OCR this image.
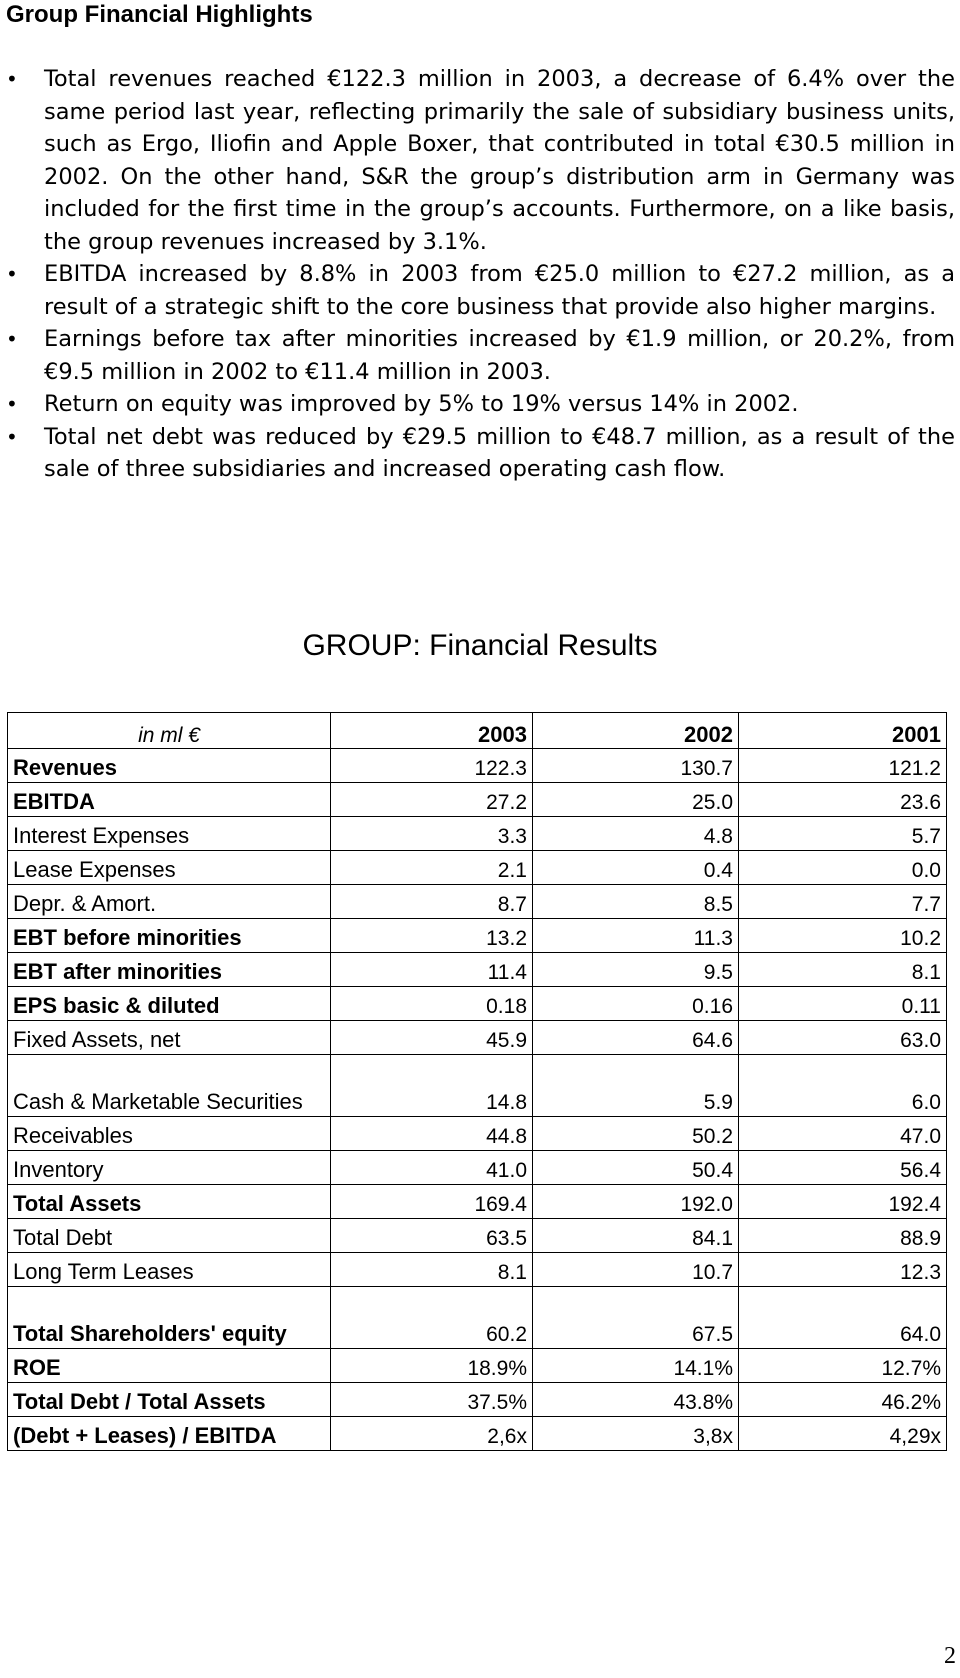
Group Financial Highlights
• Total revenues reached €122.3 million in 2003, a decrease of 6.4% over the same period last year, reflecting primarily the sale of subsidiary business units, such as Ergo, Iliofin and Apple Boxer, that contributed in total €30.5 million in 2002. On the other hand, S&R the group’s distribution arm in Germany was included for the first time in the group’s accounts. Furthermore, on a like basis, the group revenues increased by 3.1%.
• EBITDA increased by 8.8% in 2003 from €25.0 million to €27.2 million, as a result of a strategic shift to the core business that provide also higher margins.
• Earnings before tax after minorities increased by €1.9 million, or 20.2%, from €9.5 million in 2002 to €11.4 million in 2003.
• Return on equity was improved by 5% to 19% versus 14% in 2002.
• Total net debt was reduced by €29.5 million to €48.7 million, as a result of the sale of three subsidiaries and increased operating cash flow.
GROUP: Financial Results
in ml €	2003	2002	2001
Revenues	122.3	130.7	121.2
EBITDA	27.2	25.0	23.6
Interest Expenses	3.3	4.8	5.7
Lease Expenses	2.1	0.4	0.0
Depr. & Amort.	8.7	8.5	7.7
EBT before minorities	13.2	11.3	10.2
EBT after minorities	11.4	9.5	8.1
EPS basic & diluted	0.18	0.16	0.11
Fixed Assets, net	45.9	64.6	63.0
Cash & Marketable Securities	14.8	5.9	6.0
Receivables	44.8	50.2	47.0
Inventory	41.0	50.4	56.4
Total Assets	169.4	192.0	192.4
Total Debt	63.5	84.1	88.9
Long Term Leases	8.1	10.7	12.3
Total Shareholders' equity	60.2	67.5	64.0
ROE	18.9%	14.1%	12.7%
Total Debt / Total Assets	37.5%	43.8%	46.2%
(Debt + Leases) / EBITDA	2,6x	3,8x	4,29x
2
